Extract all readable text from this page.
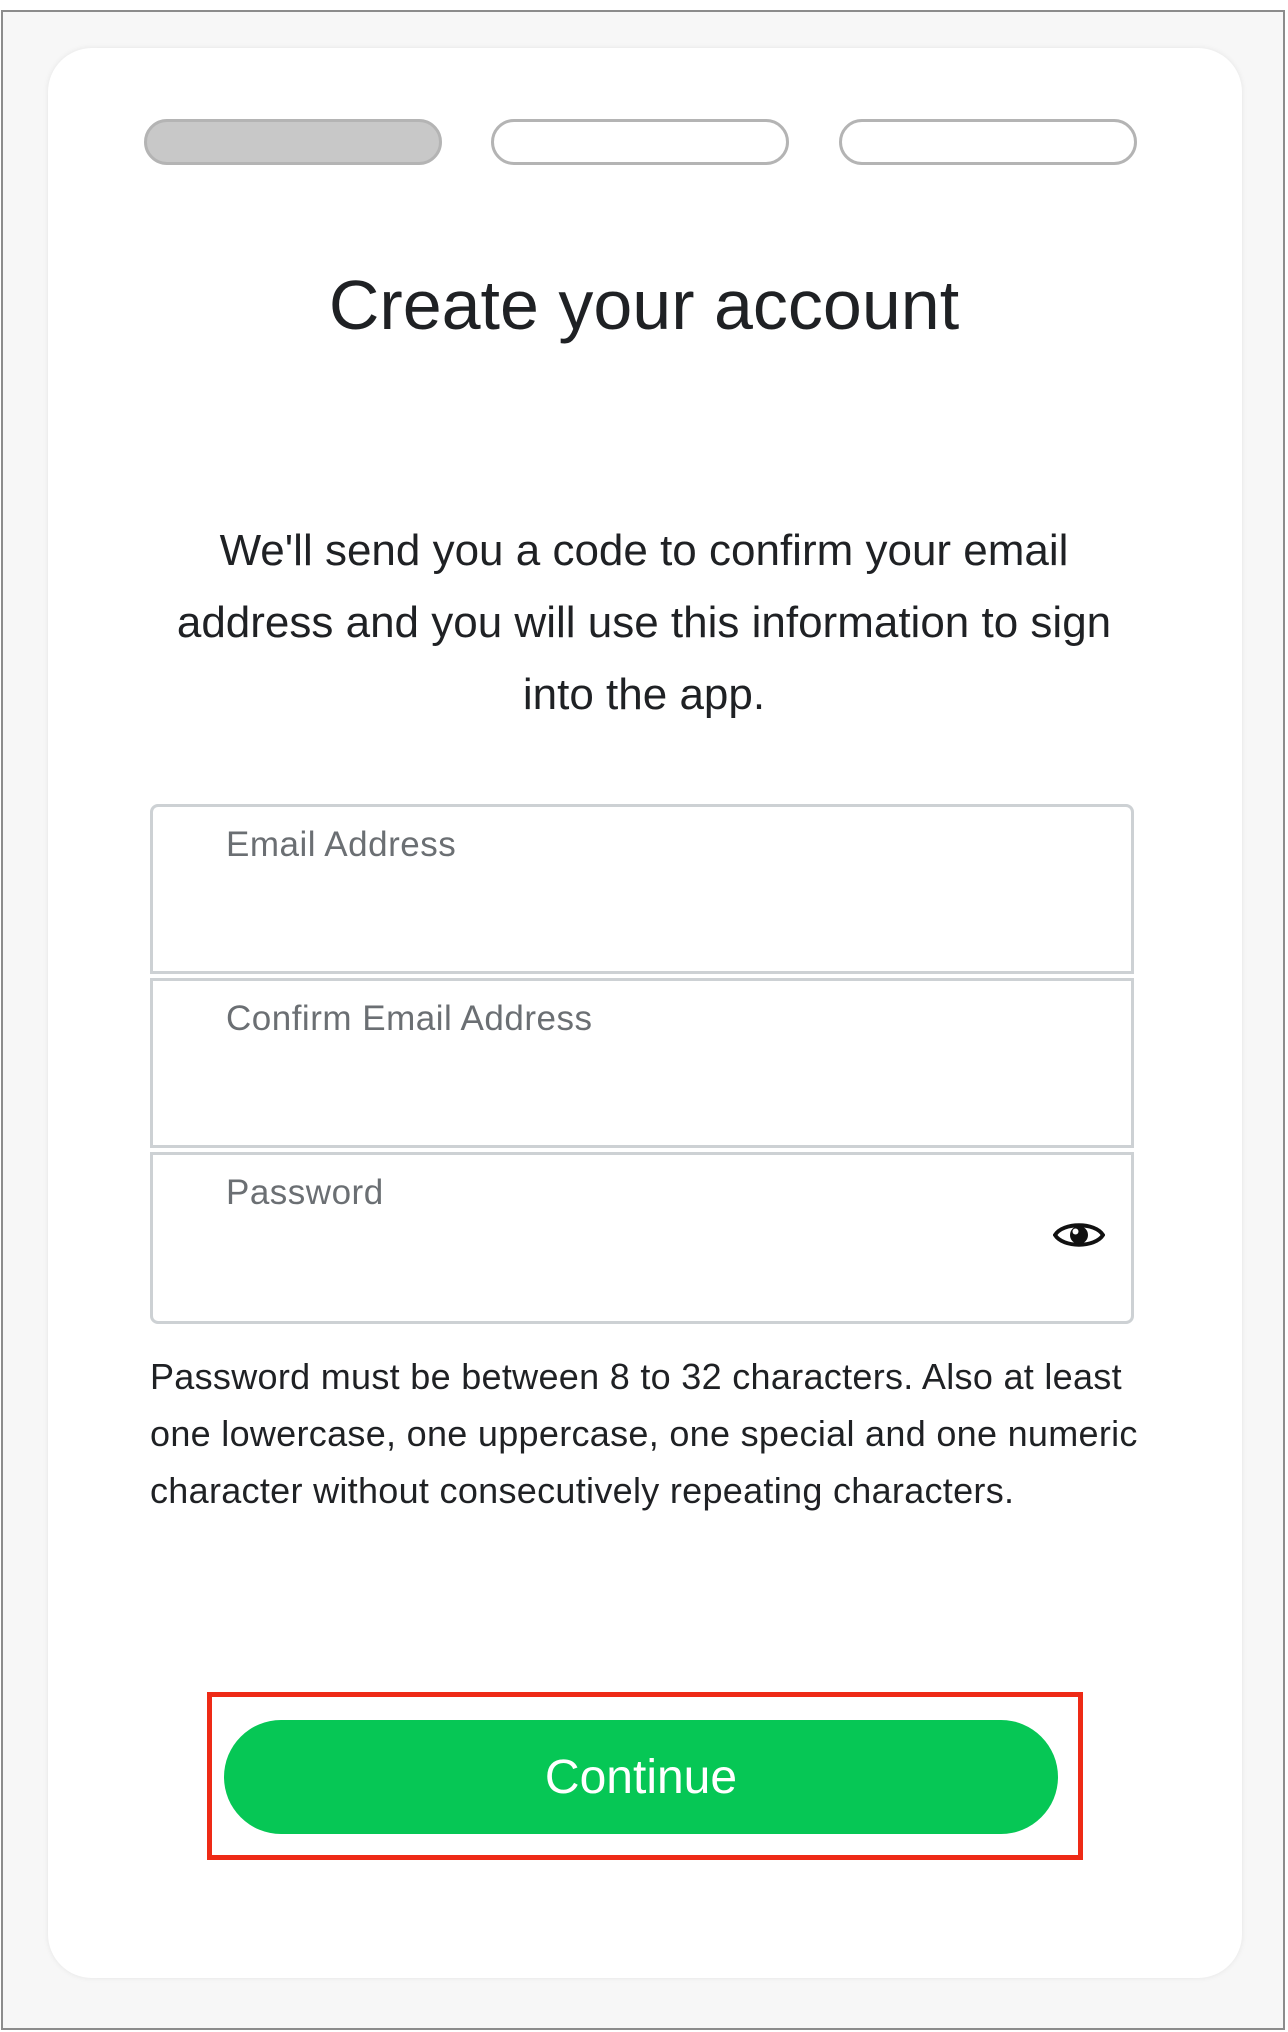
Create your account

We'll send you a code to confirm your email address and you will use this information to sign into the app.

Email Address
Confirm Email Address
Password

Password must be between 8 to 32 characters. Also at least one lowercase, one uppercase, one special and one numeric character without consecutively repeating characters.

Continue
